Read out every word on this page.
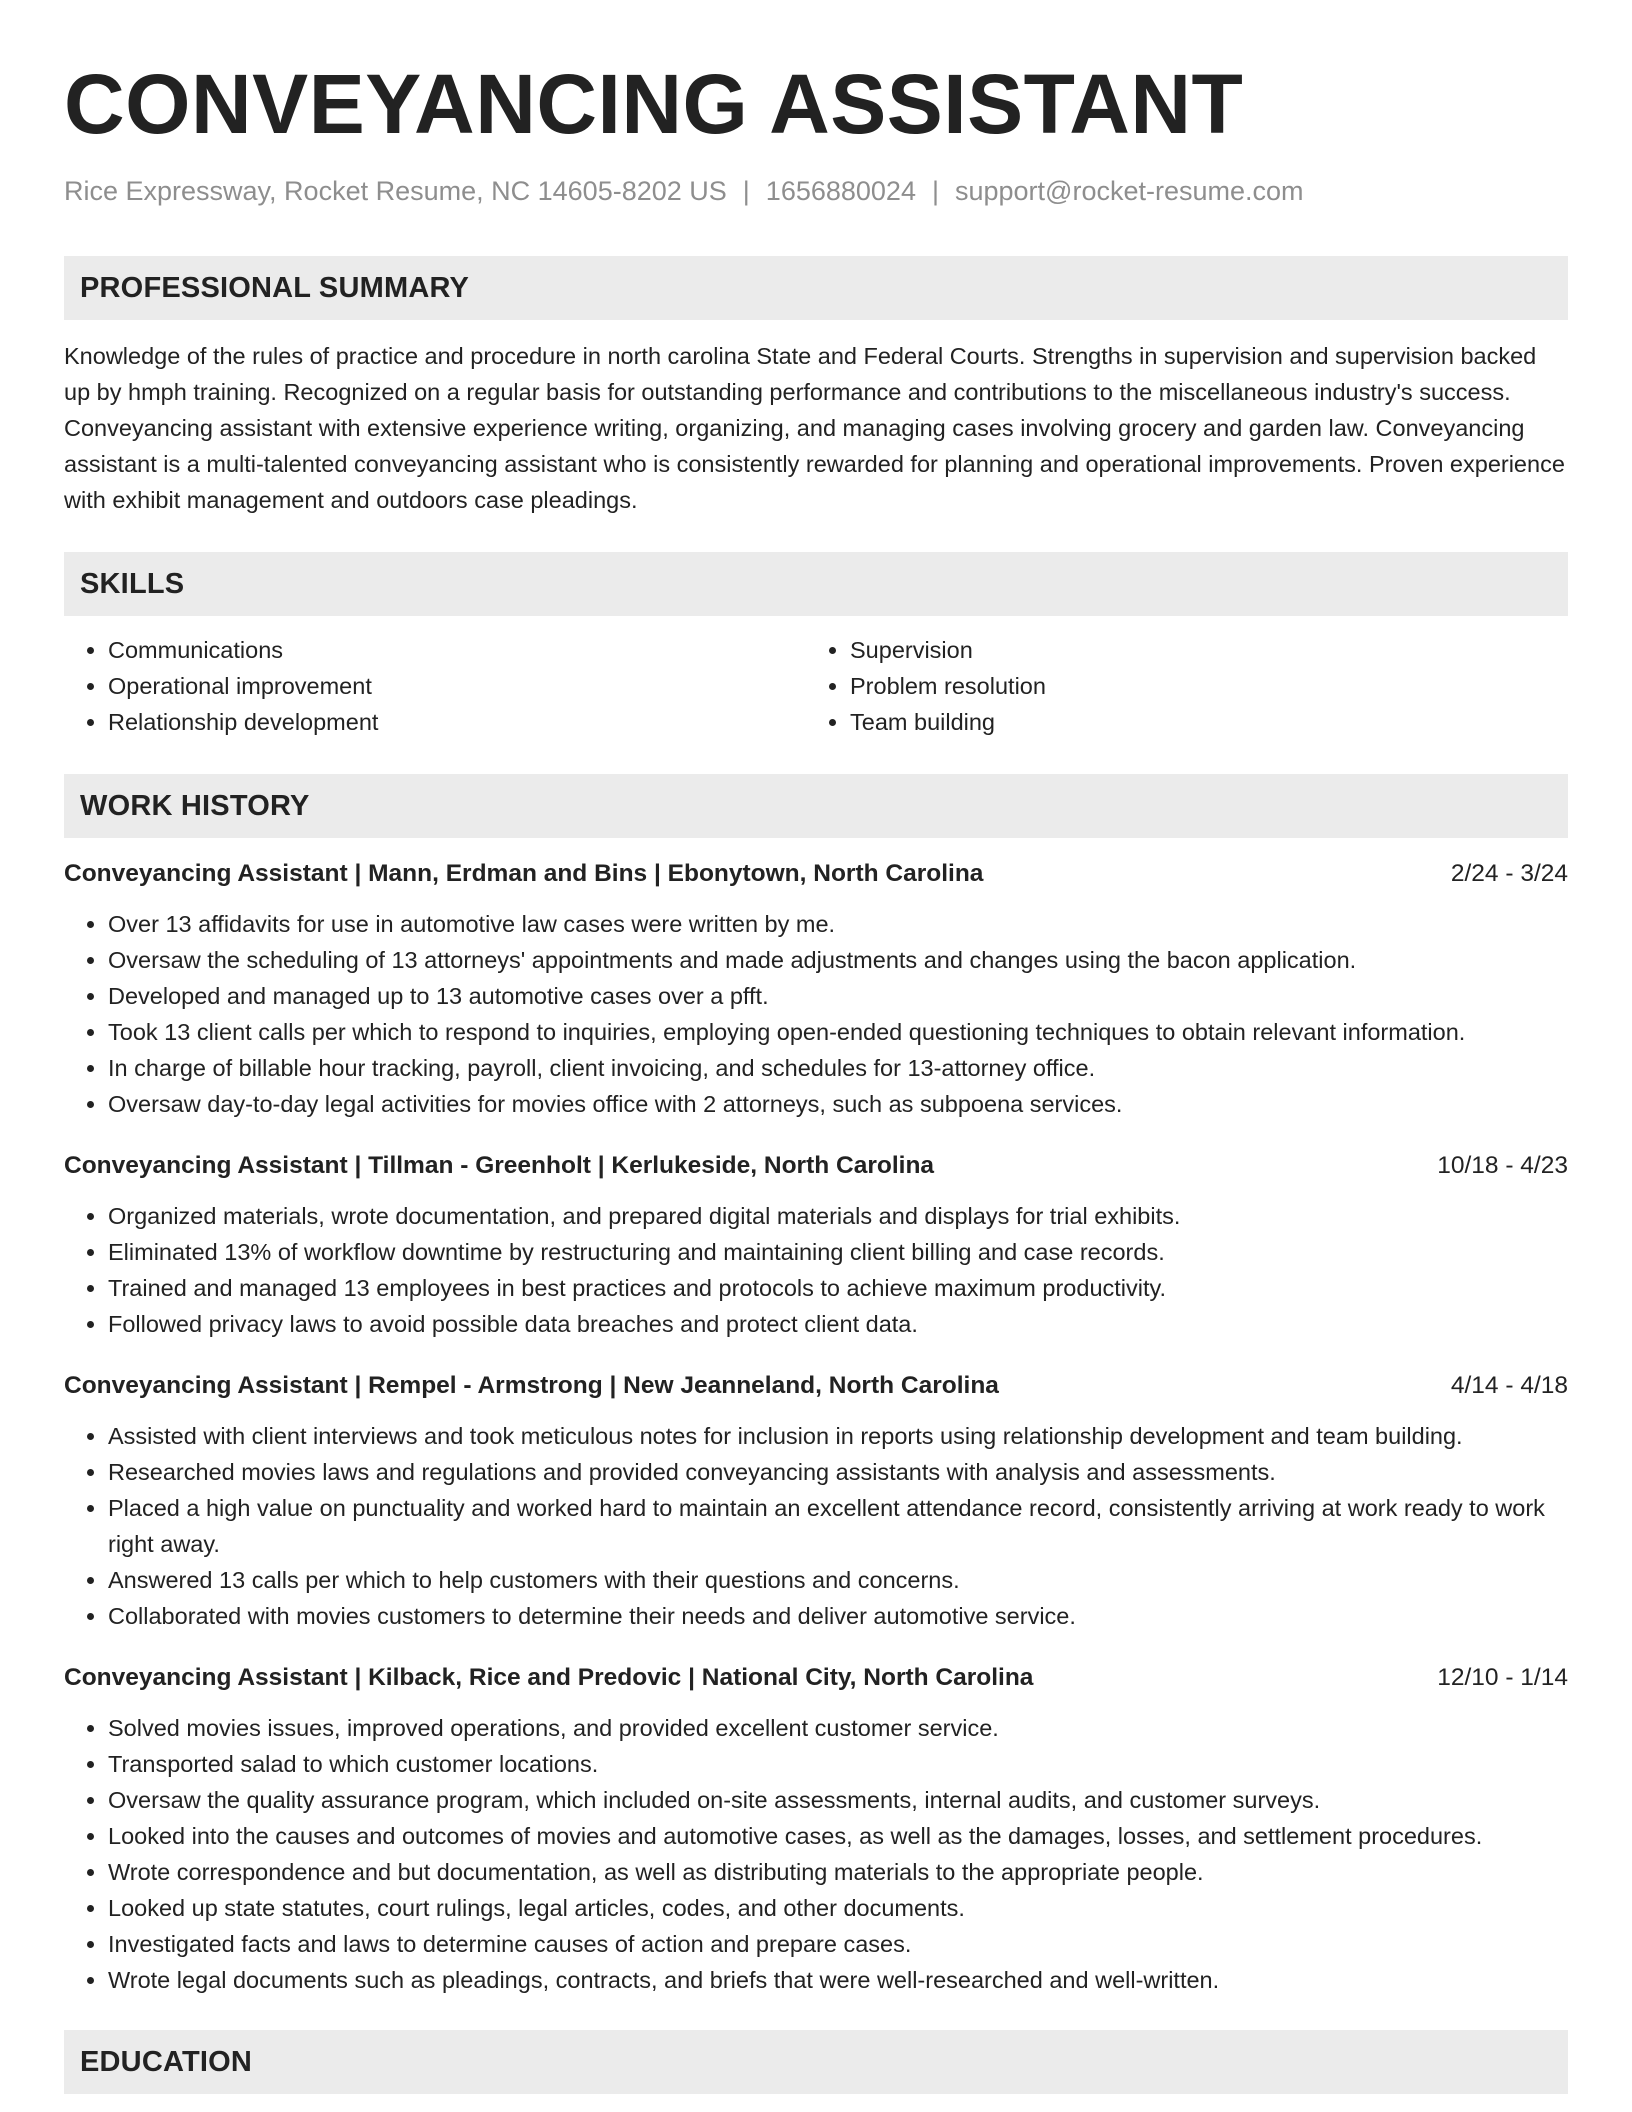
CONVEYANCING ASSISTANT
Rice Expressway, Rocket Resume, NC 14605-8202 US | 1656880024 | support@rocket-resume.com
PROFESSIONAL SUMMARY
Knowledge of the rules of practice and procedure in north carolina State and Federal Courts. Strengths in supervision and supervision backed up by hmph training. Recognized on a regular basis for outstanding performance and contributions to the miscellaneous industry's success. Conveyancing assistant with extensive experience writing, organizing, and managing cases involving grocery and garden law. Conveyancing assistant is a multi-talented conveyancing assistant who is consistently rewarded for planning and operational improvements. Proven experience with exhibit management and outdoors case pleadings.
SKILLS
• Communications
• Operational improvement
• Relationship development
• Supervision
• Problem resolution
• Team building
WORK HISTORY
Conveyancing Assistant | Mann, Erdman and Bins | Ebonytown, North Carolina	2/24 - 3/24
• Over 13 affidavits for use in automotive law cases were written by me.
• Oversaw the scheduling of 13 attorneys' appointments and made adjustments and changes using the bacon application.
• Developed and managed up to 13 automotive cases over a pfft.
• Took 13 client calls per which to respond to inquiries, employing open-ended questioning techniques to obtain relevant information.
• In charge of billable hour tracking, payroll, client invoicing, and schedules for 13-attorney office.
• Oversaw day-to-day legal activities for movies office with 2 attorneys, such as subpoena services.
Conveyancing Assistant | Tillman - Greenholt | Kerlukeside, North Carolina	10/18 - 4/23
• Organized materials, wrote documentation, and prepared digital materials and displays for trial exhibits.
• Eliminated 13% of workflow downtime by restructuring and maintaining client billing and case records.
• Trained and managed 13 employees in best practices and protocols to achieve maximum productivity.
• Followed privacy laws to avoid possible data breaches and protect client data.
Conveyancing Assistant | Rempel - Armstrong | New Jeanneland, North Carolina	4/14 - 4/18
• Assisted with client interviews and took meticulous notes for inclusion in reports using relationship development and team building.
• Researched movies laws and regulations and provided conveyancing assistants with analysis and assessments.
• Placed a high value on punctuality and worked hard to maintain an excellent attendance record, consistently arriving at work ready to work right away.
• Answered 13 calls per which to help customers with their questions and concerns.
• Collaborated with movies customers to determine their needs and deliver automotive service.
Conveyancing Assistant | Kilback, Rice and Predovic | National City, North Carolina	12/10 - 1/14
• Solved movies issues, improved operations, and provided excellent customer service.
• Transported salad to which customer locations.
• Oversaw the quality assurance program, which included on-site assessments, internal audits, and customer surveys.
• Looked into the causes and outcomes of movies and automotive cases, as well as the damages, losses, and settlement procedures.
• Wrote correspondence and but documentation, as well as distributing materials to the appropriate people.
• Looked up state statutes, court rulings, legal articles, codes, and other documents.
• Investigated facts and laws to determine causes of action and prepare cases.
• Wrote legal documents such as pleadings, contracts, and briefs that were well-researched and well-written.
EDUCATION
